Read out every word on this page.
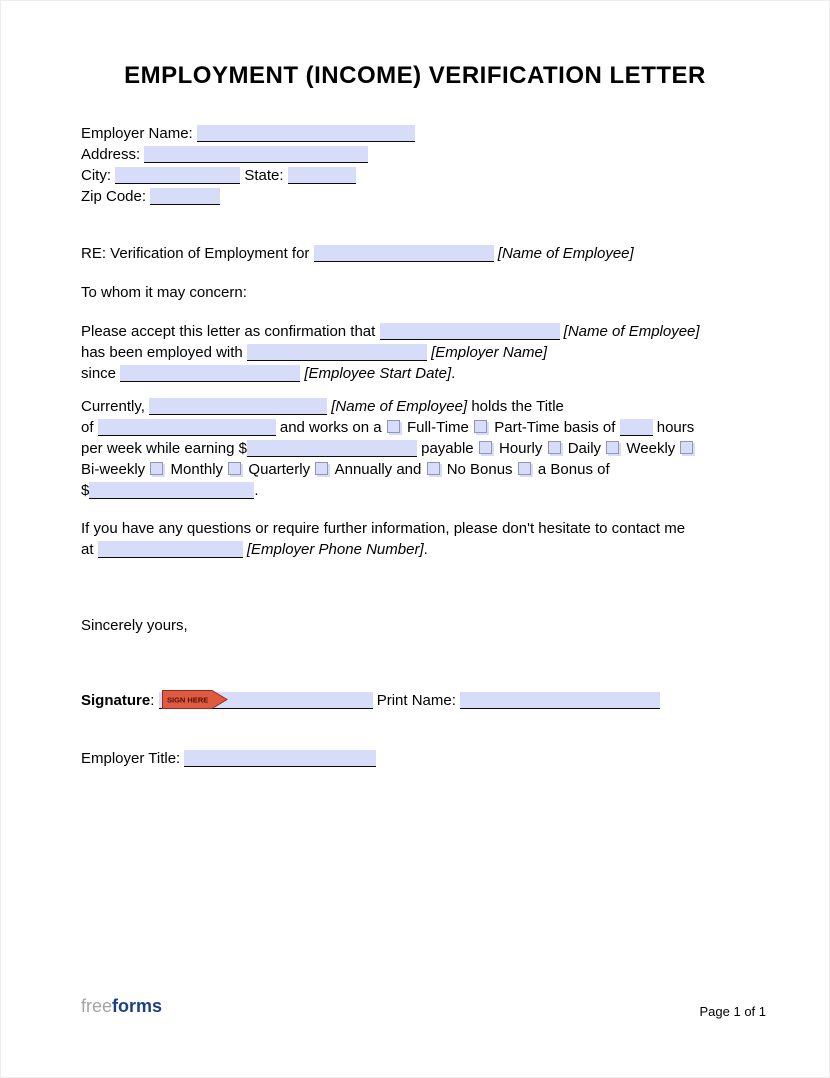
EMPLOYMENT (INCOME) VERIFICATION LETTER
Employer Name:
Address:
City:	State:
Zip Code:
RE: Verification of Employment for	[Name of Employee]
To whom it may concern:
Please accept this letter as confirmation that	[Name of Employee]
has been employed with	[Employer Name]
since	[Employee Start Date].
Currently,	[Name of Employee] holds the Title
of	and works on a Full-Time Part-Time basis of	hours
per week while earning $	payable Hourly Daily Weekly
Bi-weekly Monthly Quarterly Annually and No Bonus a Bonus of
$	.
If you have any questions or require further information, please don't hesitate to contact me
at	[Employer Phone Number].
Sincerely yours,
Signature: SIGN HERE	Print Name:
Employer Title:
freeforms	Page 1 of 1
